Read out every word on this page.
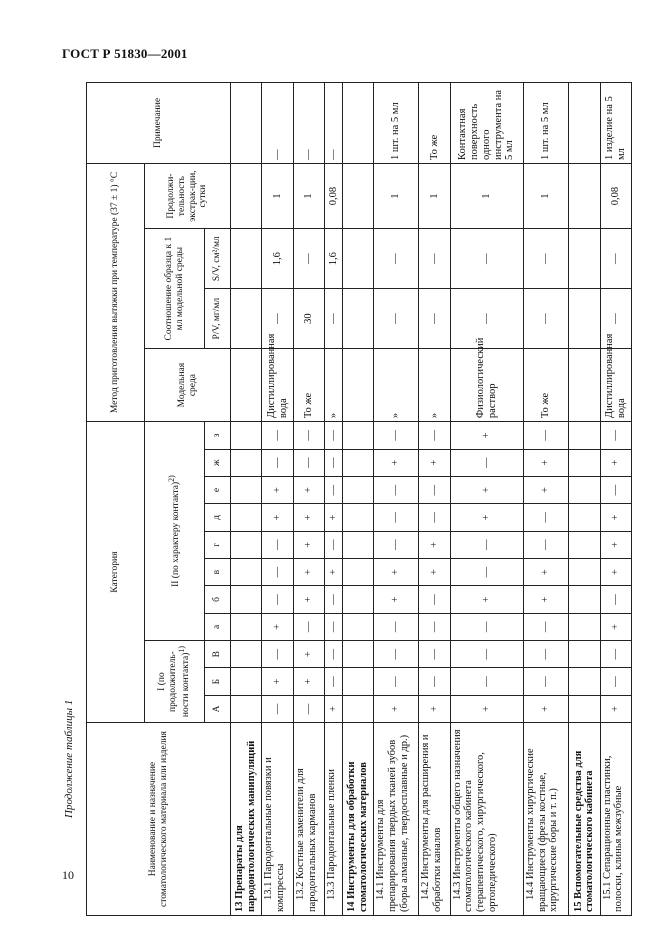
ГОСТ Р 51830—2001
Продолжение таблицы 1
10	Наименование и назначение стоматологического материала или изделия	Категория											Метод приготовления вытяжки при температуре (37 ± 1) °C				Примечание
	I (по продолжитель-ности контакта)$^{1)}$			II (по характеру контакта)$^{2)}$								Модельная среда	Соотношение образца к 1 мл модельной среды		Продолжи-тельность экстрак-ции, сутки	
	А	Б	В	а	б	в	г	д	е	ж	з		P/V, мг/мл	S/V, см²/мл		
13 Препараты для пародонтологических манипуляций																
13.1 Пародонтальные повязки и компрессы	—	+	—	+	—	—	—	+	+	—	—	Дистиллированная вода	—	1,6	1	—
13.2 Костные заменители для пародонтальных карманов	—	+	+	—	+	+	+	+	+	—	—	То же	30	—	1	—
13.3 Пародонтальные пленки	+	—	—	—	—	+	—	+	—	—	—	»	—	1,6	0,08	—
14 Инструменты для обработки стоматологических материалов																
14.1 Инструменты для препарирования твердых тканей зубов (боры алмазные, твердосплавные и др.)	+	—	—	—	+	+	—	—	—	+	—	»	—	—	1	1 шт. на 5 мл
14.2 Инструменты для расширения и обработки каналов	+	—	—	—	—	+	+	—	—	+	—	»	—	—	1	То же
14.3 Инструменты общего назначения стоматологического кабинета (терапевтического, хирургического, ортопедического)	+	—	—	—	+	—	—	+	+	—	+	Физиологический раствор	—	—	1	Контактная поверхность одного инструмента на 5 мл
14.4 Инструменты хирургические вращающиеся (фрезы костные, хирургические боры и т. п.)	+	—	—	—	+	+	—	—	+	+	—	То же	—	—	1	1 шт. на 5 мл
15 Вспомогательные средства для стоматологического кабинета																
15.1 Сепарационные пластинки, полоски, клинья межзубные	+	—	—	+	—	+	+	+	—	+	—	Дистиллированная вода	—	—	0,08	1 изделие на 5 мл
